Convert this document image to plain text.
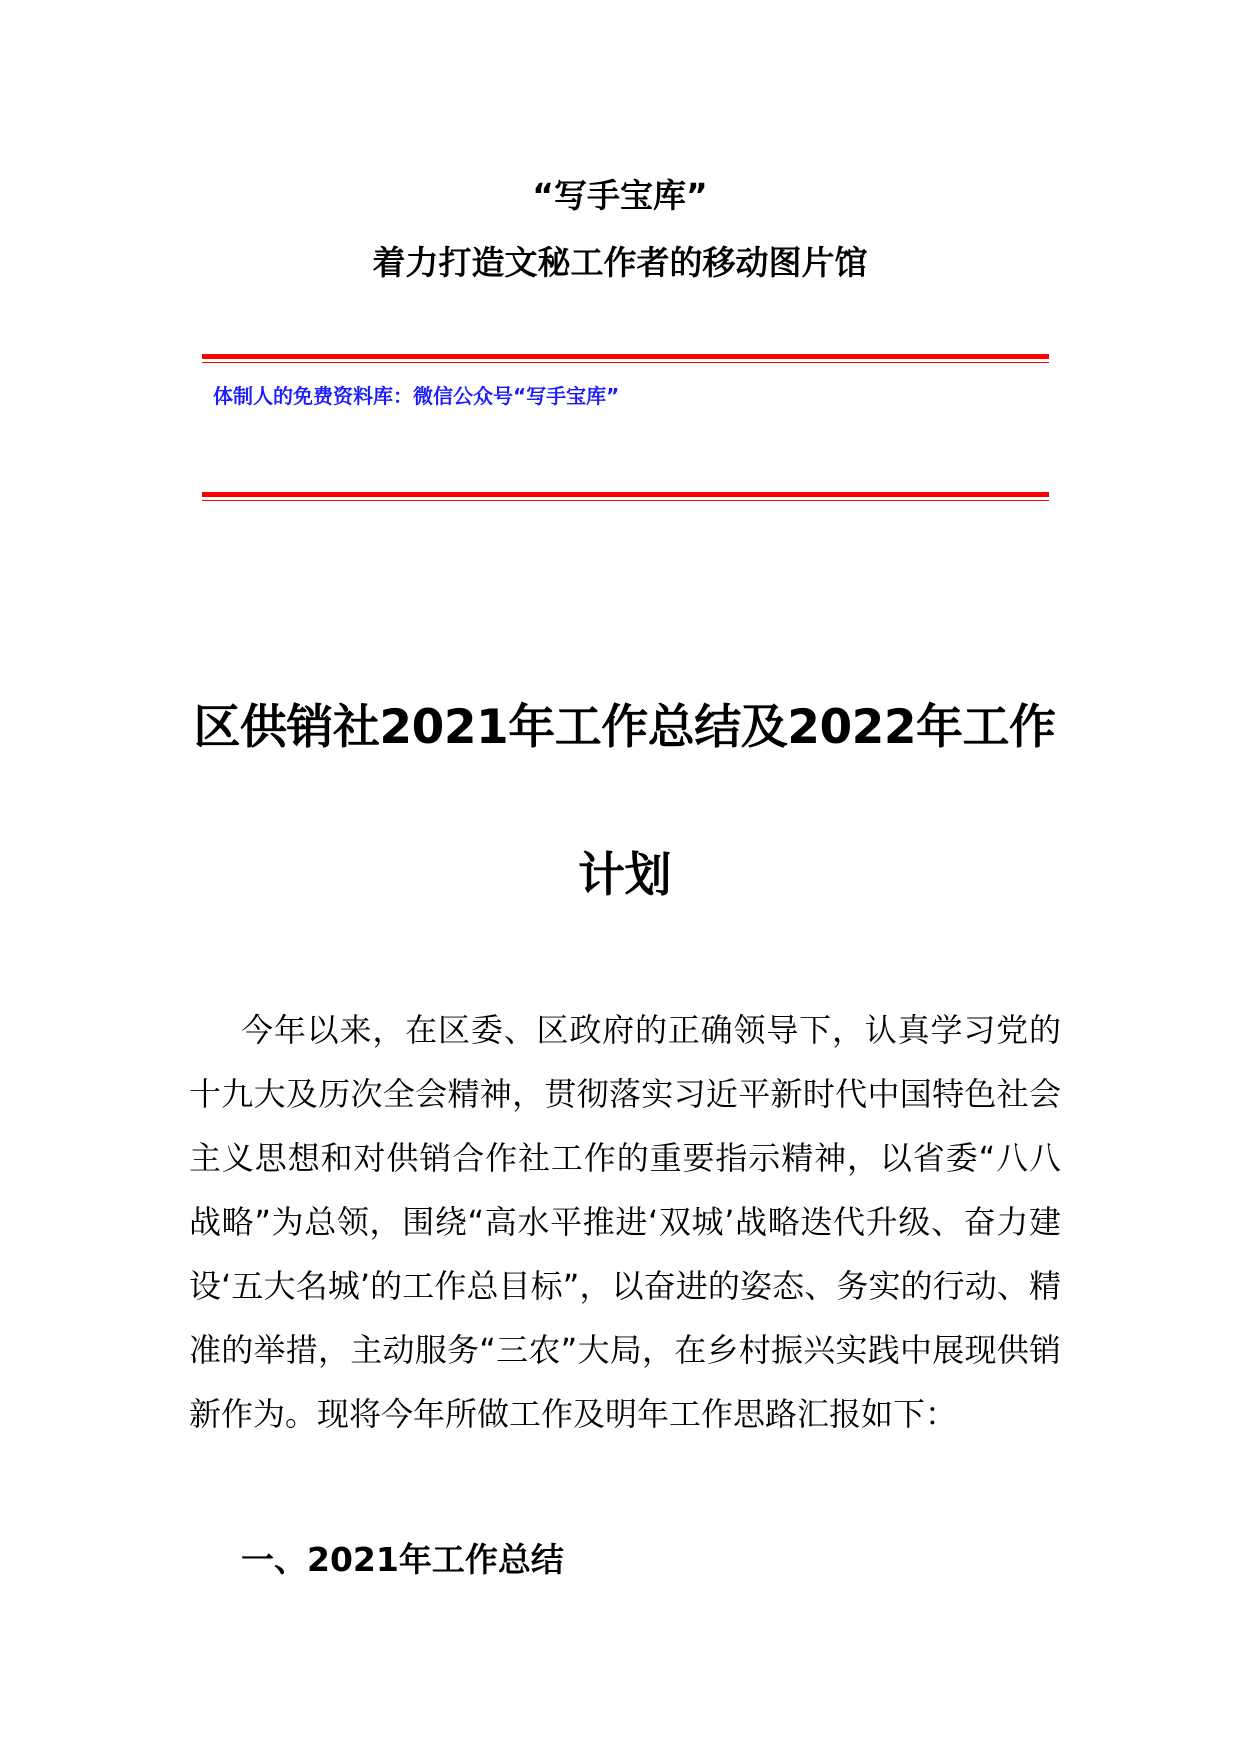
“写手宝库”
着力打造文秘工作者的移动图片馆
体制人的免费资料库：微信公众号“写手宝库”
区供销社2021年工作总结及2022年工作计划
今年以来，在区委、区政府的正确领导下，认真学习党的十九大及历次全会精神，贯彻落实习近平新时代中国特色社会主义思想和对供销合作社工作的重要指示精神，以省委“八八战略”为总领，围绕“高水平推进‘双城’战略迭代升级、奋力建设‘五大名城’的工作总目标”，以奋进的姿态、务实的行动、精准的举措，主动服务“三农”大局，在乡村振兴实践中展现供销新作为。现将今年所做工作及明年工作思路汇报如下：
一、2021年工作总结
